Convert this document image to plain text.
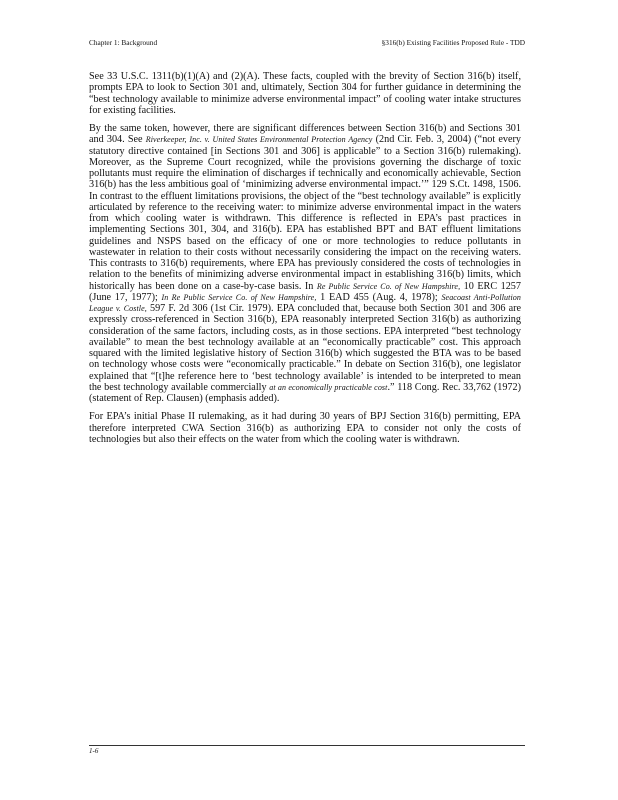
Chapter 1: Background	§316(b) Existing Facilities Proposed Rule - TDD

See 33 U.S.C. 1311(b)(1)(A) and (2)(A). These facts, coupled with the brevity of Section 316(b) itself, prompts EPA to look to Section 301 and, ultimately, Section 304 for further guidance in determining the “best technology available to minimize adverse environmental impact” of cooling water intake structures for existing facilities.

By the same token, however, there are significant differences between Section 316(b) and Sections 301 and 304. See Riverkeeper, Inc. v. United States Environmental Protection Agency (2nd Cir. Feb. 3, 2004) (“not every statutory directive contained [in Sections 301 and 306] is applicable” to a Section 316(b) rulemaking). Moreover, as the Supreme Court recognized, while the provisions governing the discharge of toxic pollutants must require the elimination of discharges if technically and economically achievable, Section 316(b) has the less ambitious goal of ‘minimizing adverse environmental impact.’” 129 S.Ct. 1498, 1506. In contrast to the effluent limitations provisions, the object of the “best technology available” is explicitly articulated by reference to the receiving water: to minimize adverse environmental impact in the waters from which cooling water is withdrawn. This difference is reflected in EPA’s past practices in implementing Sections 301, 304, and 316(b). EPA has established BPT and BAT effluent limitations guidelines and NSPS based on the efficacy of one or more technologies to reduce pollutants in wastewater in relation to their costs without necessarily considering the impact on the receiving waters. This contrasts to 316(b) requirements, where EPA has previously considered the costs of technologies in relation to the benefits of minimizing adverse environmental impact in establishing 316(b) limits, which historically has been done on a case-by-case basis. In Re Public Service Co. of New Hampshire, 10 ERC 1257 (June 17, 1977); In Re Public Service Co. of New Hampshire, 1 EAD 455 (Aug. 4, 1978); Seacoast Anti-Pollution League v. Costle, 597 F. 2d 306 (1st Cir. 1979). EPA concluded that, because both Section 301 and 306 are expressly cross-referenced in Section 316(b), EPA reasonably interpreted Section 316(b) as authorizing consideration of the same factors, including costs, as in those sections. EPA interpreted “best technology available” to mean the best technology available at an “economically practicable” cost. This approach squared with the limited legislative history of Section 316(b) which suggested the BTA was to be based on technology whose costs were “economically practicable.” In debate on Section 316(b), one legislator explained that “[t]he reference here to ‘best technology available’ is intended to be interpreted to mean the best technology available commercially at an economically practicable cost.” 118 Cong. Rec. 33,762 (1972) (statement of Rep. Clausen) (emphasis added).

For EPA’s initial Phase II rulemaking, as it had during 30 years of BPJ Section 316(b) permitting, EPA therefore interpreted CWA Section 316(b) as authorizing EPA to consider not only the costs of technologies but also their effects on the water from which the cooling water is withdrawn.

1-6
